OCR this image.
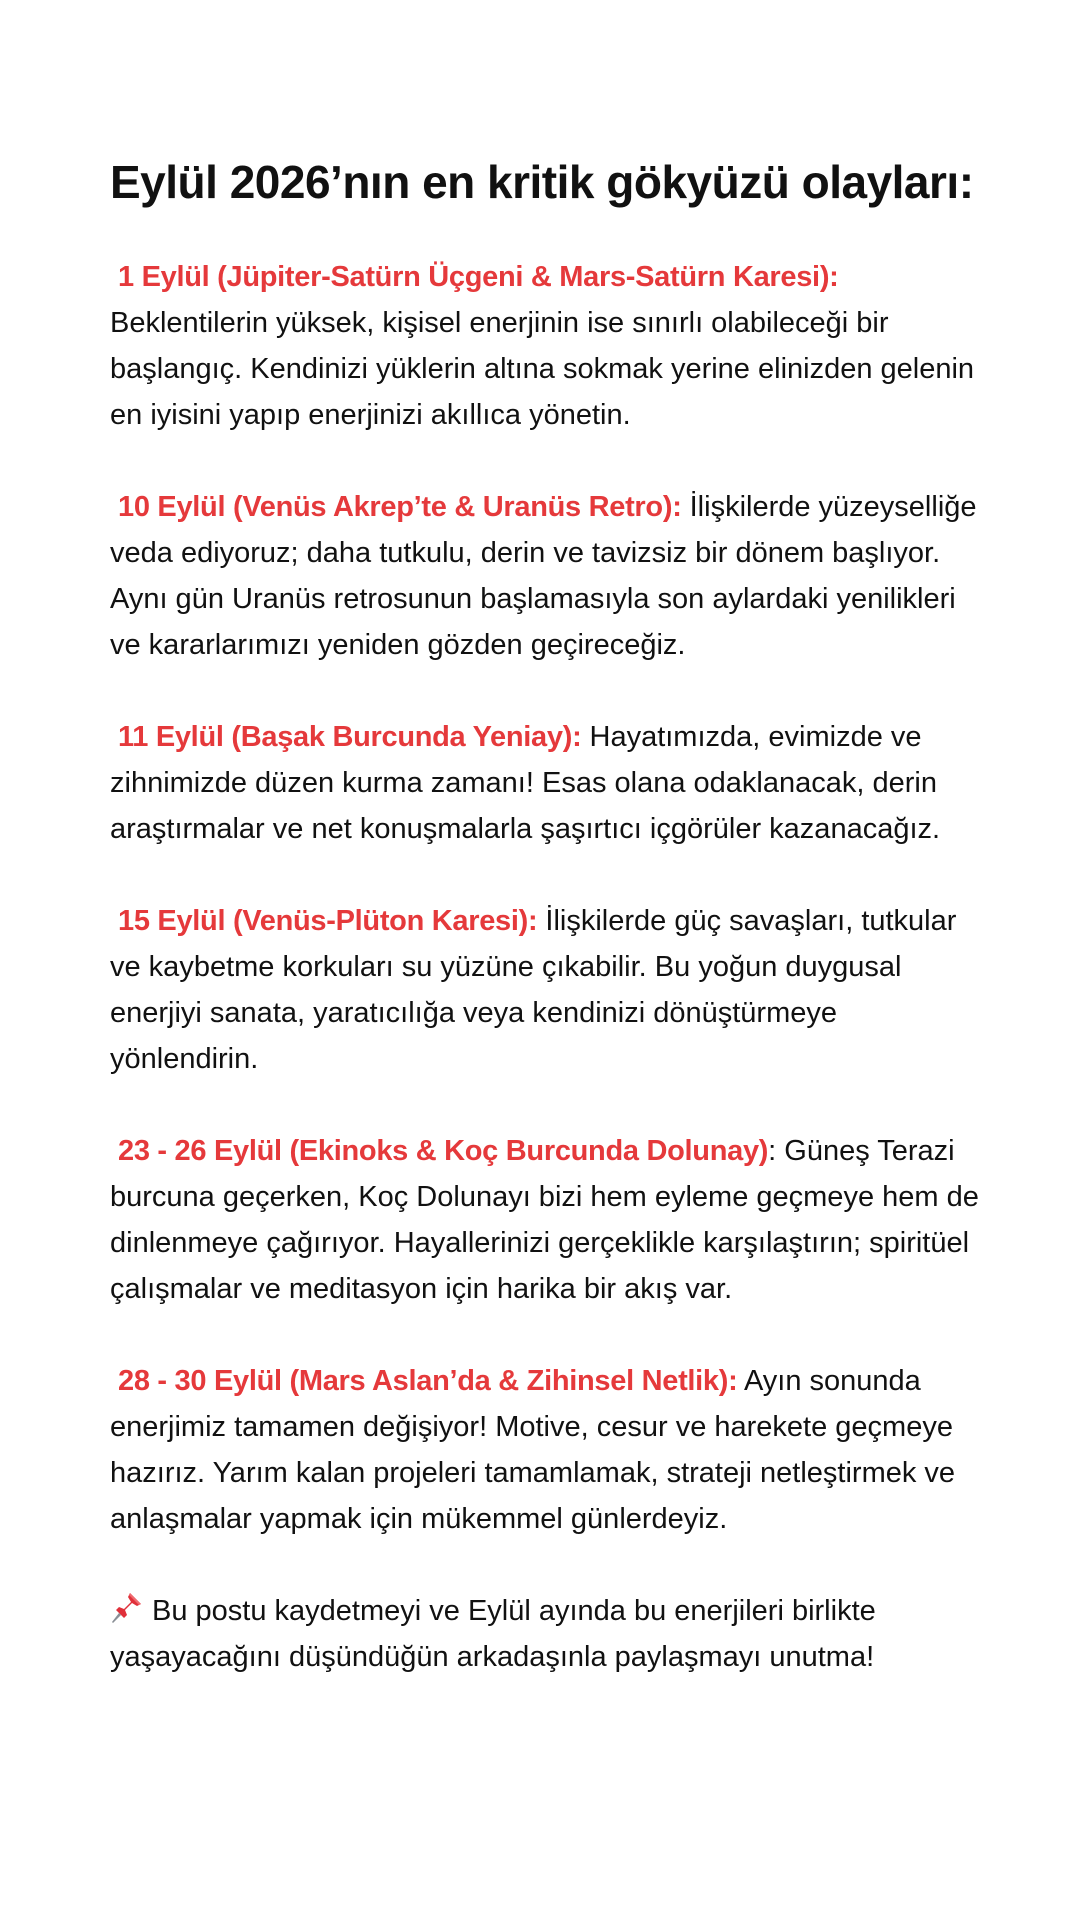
Eylül 2026’nın en kritik gökyüzü olayları:

1 Eylül (Jüpiter-Satürn Üçgeni & Mars-Satürn Karesi): Beklentilerin yüksek, kişisel enerjinin ise sınırlı olabileceği bir başlangıç. Kendinizi yüklerin altına sokmak yerine elinizden gelenin en iyisini yapıp enerjinizi akıllıca yönetin.

10 Eylül (Venüs Akrep’te & Uranüs Retro): İlişkilerde yüzeyselliğe veda ediyoruz; daha tutkulu, derin ve tavizsiz bir dönem başlıyor. Aynı gün Uranüs retrosunun başlamasıyla son aylardaki yenilikleri ve kararlarımızı yeniden gözden geçireceğiz.

11 Eylül (Başak Burcunda Yeniay): Hayatımızda, evimizde ve zihnimizde düzen kurma zamanı! Esas olana odaklanacak, derin araştırmalar ve net konuşmalarla şaşırtıcı içgörüler kazanacağız.

15 Eylül (Venüs-Plüton Karesi): İlişkilerde güç savaşları, tutkular ve kaybetme korkuları su yüzüne çıkabilir. Bu yoğun duygusal enerjiyi sanata, yaratıcılığa veya kendinizi dönüştürmeye yönlendirin.

23 - 26 Eylül (Ekinoks & Koç Burcunda Dolunay): Güneş Terazi burcuna geçerken, Koç Dolunayı bizi hem eyleme geçmeye hem de dinlenmeye çağırıyor. Hayallerinizi gerçeklikle karşılaştırın; spiritüel çalışmalar ve meditasyon için harika bir akış var.

28 - 30 Eylül (Mars Aslan’da & Zihinsel Netlik): Ayın sonunda enerjimiz tamamen değişiyor! Motive, cesur ve harekete geçmeye hazırız. Yarım kalan projeleri tamamlamak, strateji netleştirmek ve anlaşmalar yapmak için mükemmel günlerdeyiz.

Bu postu kaydetmeyi ve Eylül ayında bu enerjileri birlikte yaşayacağını düşündüğün arkadaşınla paylaşmayı unutma!
